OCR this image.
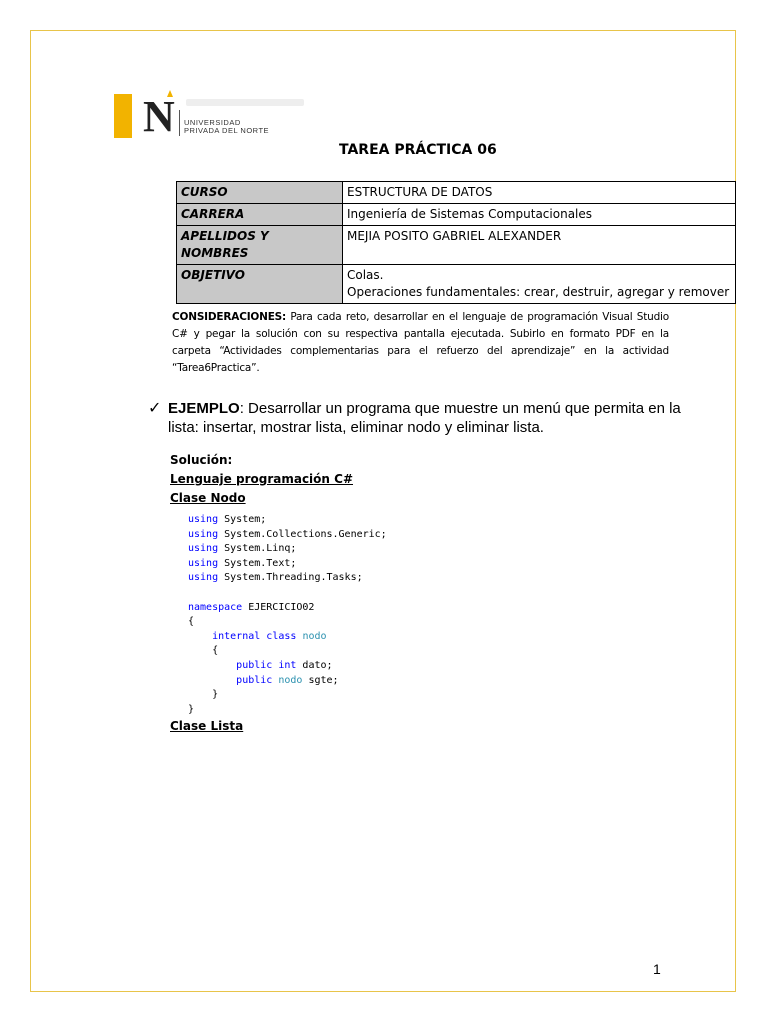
N UNIVERSIDAD
PRIVADA DEL NORTE
TAREA PRÁCTICA 06
CURSO	ESTRUCTURA DE DATOS
CARRERA	Ingeniería de Sistemas Computacionales
APELLIDOS Y NOMBRES	MEJIA POSITO GABRIEL ALEXANDER
OBJETIVO	Colas.
Operaciones fundamentales: crear, destruir, agregar y remover
CONSIDERACIONES: Para cada reto, desarrollar en el lenguaje de programación Visual Studio C# y pegar la solución con su respectiva pantalla ejecutada. Subirlo en formato PDF en la carpeta “Actividades complementarias para el refuerzo del aprendizaje” en la actividad “Tarea6Practica”.
✓ EJEMPLO: Desarrollar un programa que muestre un menú que permita en la lista: insertar, mostrar lista, eliminar nodo y eliminar lista.
Solución:
Lenguaje programación C#
Clase Nodo
using System;
using System.Collections.Generic;
using System.Linq;
using System.Text;
using System.Threading.Tasks;

namespace EJERCICIO02
{
internal class nodo
{
public int dato;
public nodo sgte;
}
}
Clase Lista
1
